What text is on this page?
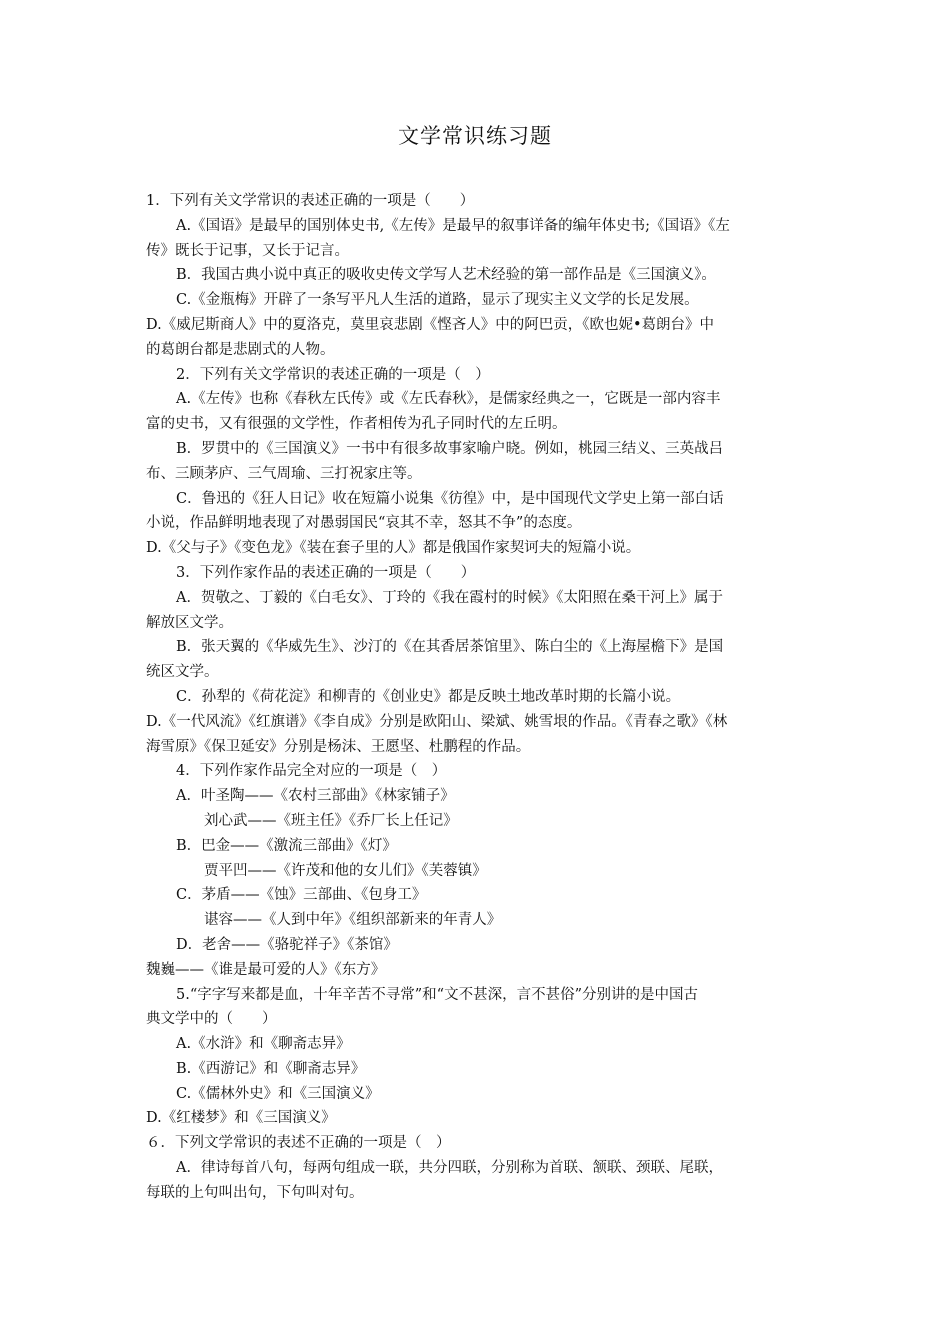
文学常识练习题
1．下列有关文学常识的表述正确的一项是（　　）
A.《国语》是最早的国别体史书,《左传》是最早的叙事详备的编年体史书;《国语》《左
传》既长于记事，又长于记言。
B．我国古典小说中真正的吸收史传文学写人艺术经验的第一部作品是《三国演义》。
C.《金瓶梅》开辟了一条写平凡人生活的道路，显示了现实主义文学的长足发展。
D.《威尼斯商人》中的夏洛克，莫里哀悲剧《悭吝人》中的阿巴贡，《欧也妮•葛朗台》中
的葛朗台都是悲剧式的人物。
2．下列有关文学常识的表述正确的一项是（　）
A.《左传》也称《春秋左氏传》或《左氏春秋》，是儒家经典之一，它既是一部内容丰
富的史书，又有很强的文学性，作者相传为孔子同时代的左丘明。
B．罗贯中的《三国演义》一书中有很多故事家喻户晓。例如，桃园三结义、三英战吕
布、三顾茅庐、三气周瑜、三打祝家庄等。
C．鲁迅的《狂人日记》收在短篇小说集《彷徨》中，是中国现代文学史上第一部白话
小说，作品鲜明地表现了对愚弱国民“哀其不幸，怒其不争”的态度。
D.《父与子》《变色龙》《装在套子里的人》都是俄国作家契诃夫的短篇小说。
3．下列作家作品的表述正确的一项是（　　）
A．贺敬之、丁毅的《白毛女》、丁玲的《我在霞村的时候》《太阳照在桑干河上》属于
解放区文学。
B．张天翼的《华威先生》、沙汀的《在其香居茶馆里》、陈白尘的《上海屋檐下》是国
统区文学。
C．孙犁的《荷花淀》和柳青的《创业史》都是反映土地改革时期的长篇小说。
D.《一代风流》《红旗谱》《李自成》分别是欧阳山、梁斌、姚雪垠的作品。《青春之歌》《林
海雪原》《保卫延安》分别是杨沫、王愿坚、杜鹏程的作品。
4．下列作家作品完全对应的一项是（　）
A．叶圣陶——《农村三部曲》《林家铺子》
刘心武——《班主任》《乔厂长上任记》
B．巴金——《激流三部曲》《灯》
贾平凹——《许茂和他的女儿们》《芙蓉镇》
C．茅盾——《蚀》三部曲、《包身工》
谌容——《人到中年》《组织部新来的年青人》
D．老舍——《骆驼祥子》《茶馆》
魏巍——《谁是最可爱的人》《东方》
5.“字字写来都是血，十年辛苦不寻常”和“文不甚深，言不甚俗”分别讲的是中国古
典文学中的（　　）
A.《水浒》和《聊斋志异》
B.《西游记》和《聊斋志异》
C.《儒林外史》和《三国演义》
D.《红楼梦》和《三国演义》
６．下列文学常识的表述不正确的一项是（　）
A．律诗每首八句，每两句组成一联，共分四联，分别称为首联、颔联、颈联、尾联，
每联的上句叫出句，下句叫对句。
